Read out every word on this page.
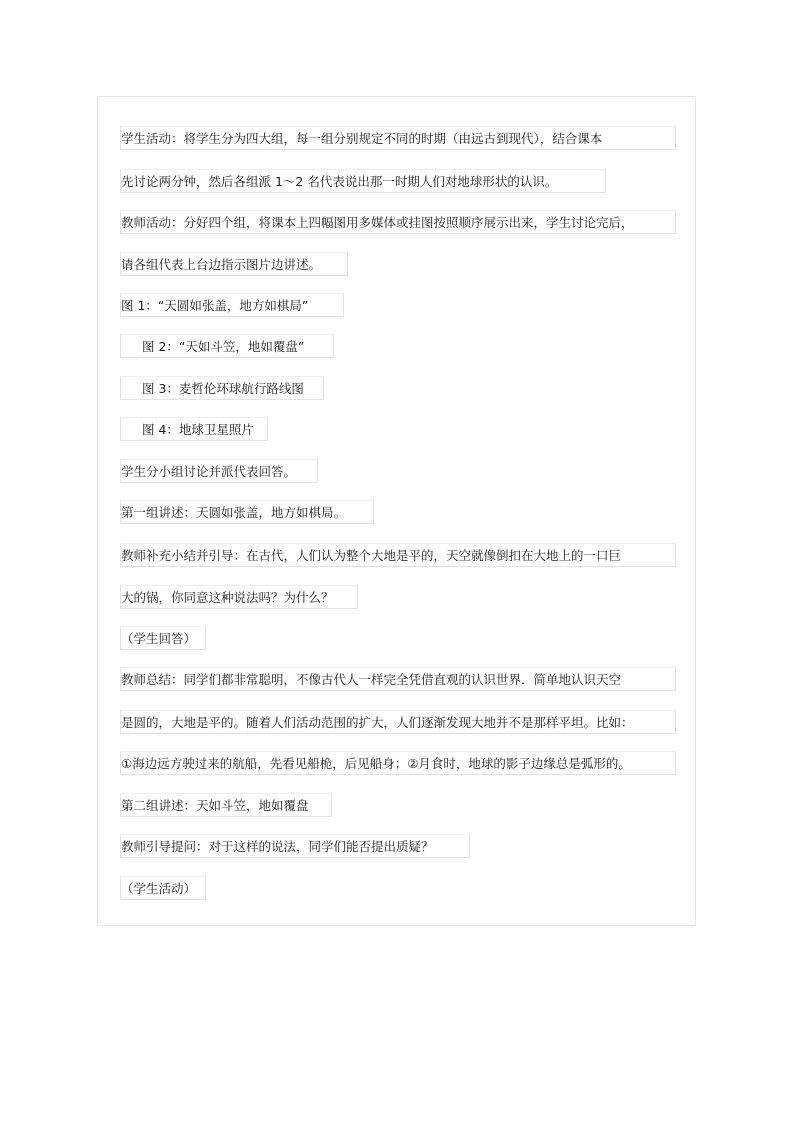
学生活动：将学生分为四大组，每一组分别规定不同的时期（由远古到现代），结合课本
先讨论两分钟，然后各组派 1～2 名代表说出那一时期人们对地球形状的认识。
教师活动：分好四个组，将课本上四幅图用多媒体或挂图按照顺序展示出来，学生讨论完后，
请各组代表上台边指示图片边讲述。
图 1：“天圆如张盖，地方如棋局”
图 2：“天如斗笠，地如覆盘”
图 3：麦哲伦环球航行路线图
图 4：地球卫星照片
学生分小组讨论并派代表回答。
第一组讲述：天圆如张盖，地方如棋局。
教师补充小结并引导：在古代，人们认为整个大地是平的，天空就像倒扣在大地上的一口巨
大的锅，你同意这种说法吗？为什么？
（学生回答）
教师总结：同学们都非常聪明，不像古代人一样完全凭借直观的认识世界．简单地认识天空
是圆的，大地是平的。随着人们活动范围的扩大，人们逐渐发现大地并不是那样平坦。比如：
①海边远方驶过来的航船，先看见船桅，后见船身；②月食时，地球的影子边缘总是弧形的。
第二组讲述：天如斗笠，地如覆盘
教师引导提问：对于这样的说法，同学们能否提出质疑？
（学生活动）
